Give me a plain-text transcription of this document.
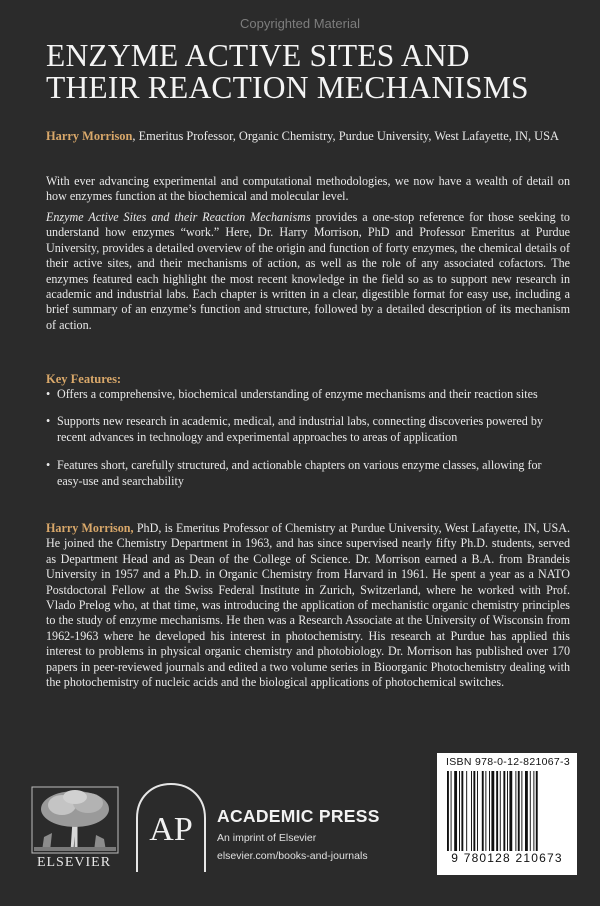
Copyrighted Material
ENZYME ACTIVE SITES AND
THEIR REACTION MECHANISMS
Harry Morrison, Emeritus Professor, Organic Chemistry, Purdue University, West Lafayette, IN, USA

With ever advancing experimental and computational methodologies, we now have a wealth of detail on how enzymes function at the biochemical and molecular level.

Enzyme Active Sites and their Reaction Mechanisms provides a one-stop reference for those seeking to understand how enzymes “work.” Here, Dr. Harry Morrison, PhD and Professor Emeritus at Purdue University, provides a detailed overview of the origin and function of forty enzymes, the chemical details of their active sites, and their mechanisms of action, as well as the role of any associated cofactors. The enzymes featured each highlight the most recent knowledge in the field so as to support new research in academic and industrial labs. Each chapter is written in a clear, digestible format for easy use, including a brief summary of an enzyme’s function and structure, followed by a detailed description of its mechanism of action.

Key Features:
• Offers a comprehensive, biochemical understanding of enzyme mechanisms and their reaction sites
• Supports new research in academic, medical, and industrial labs, connecting discoveries powered by recent advances in technology and experimental approaches to areas of application
• Features short, carefully structured, and actionable chapters on various enzyme classes, allowing for easy-use and searchability

Harry Morrison, PhD, is Emeritus Professor of Chemistry at Purdue University, West Lafayette, IN, USA. He joined the Chemistry Department in 1963, and has since supervised nearly fifty Ph.D. students, served as Department Head and as Dean of the College of Science. Dr. Morrison earned a B.A. from Brandeis University in 1957 and a Ph.D. in Organic Chemistry from Harvard in 1961. He spent a year as a NATO Postdoctoral Fellow at the Swiss Federal Institute in Zurich, Switzerland, where he worked with Prof. Vlado Prelog who, at that time, was introducing the application of mechanistic organic chemistry principles to the study of enzyme mechanisms. He then was a Research Associate at the University of Wisconsin from 1962-1963 where he developed his interest in photochemistry. His research at Purdue has applied this interest to problems in physical organic chemistry and photobiology. Dr. Morrison has published over 170 papers in peer-reviewed journals and edited a two volume series in Bioorganic Photochemistry dealing with the photochemistry of nucleic acids and the biological applications of photochemical switches.

ISBN 978-0-12-821067-3
9 780128 210673
ELSEVIER
AP ACADEMIC PRESS
An imprint of Elsevier
elsevier.com/books-and-journals
